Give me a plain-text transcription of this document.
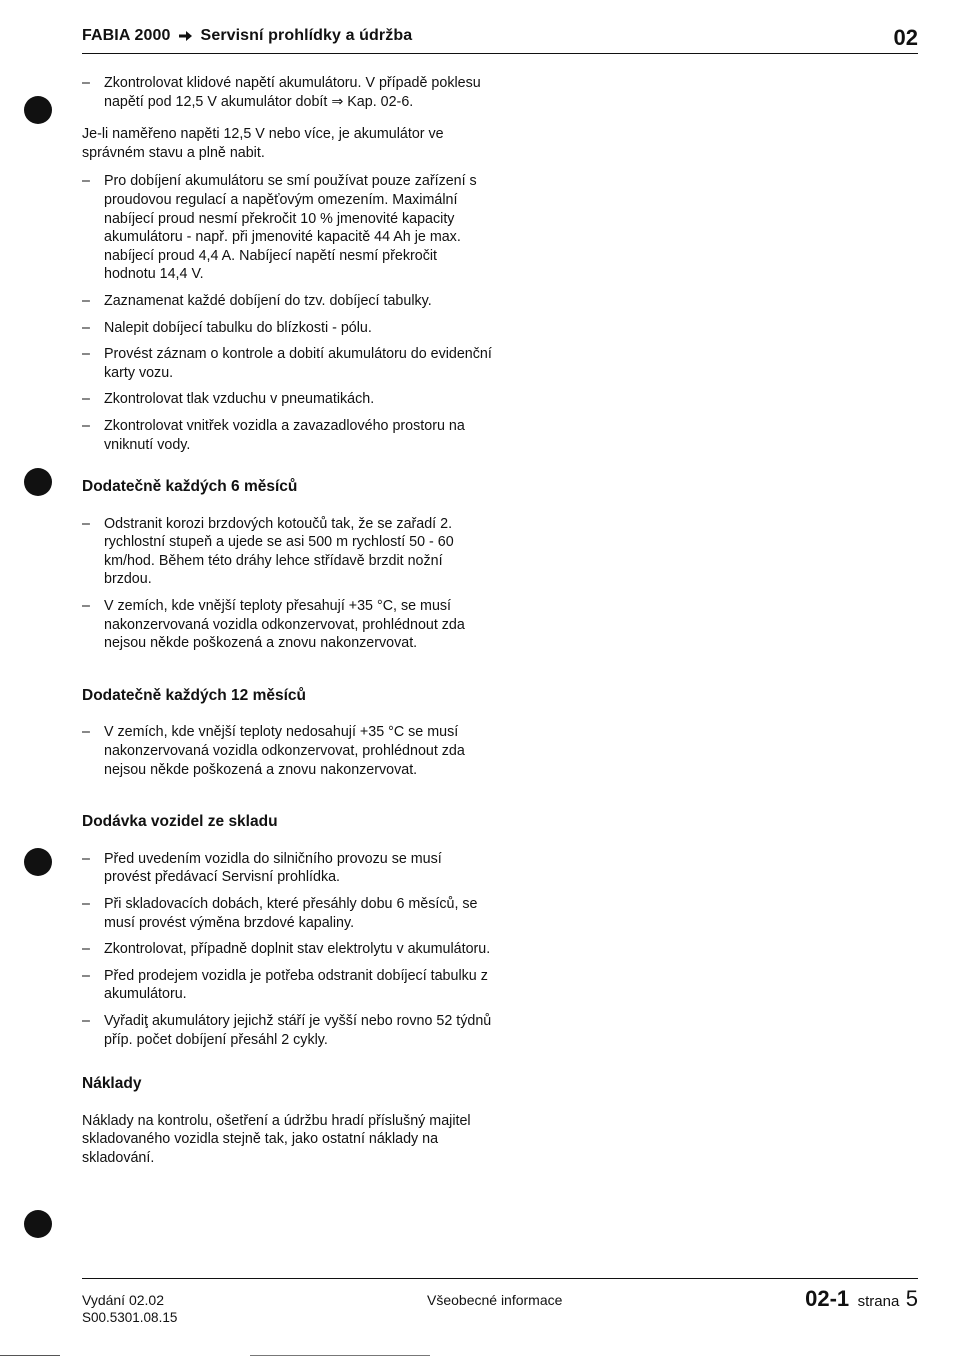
FABIA 2000 Servisní prohlídky a údržba	02
– Zkontrolovat klidové napětí akumulátoru. V případě poklesu napětí pod 12,5 V akumulátor dobít ⇒ Kap. 02-6.
Je-li naměřeno napěti 12,5 V nebo více, je akumulátor ve správném stavu a plně nabit.
– Pro dobíjení akumulátoru se smí používat pouze zařízení s proudovou regulací a napěťovým omezením. Maximální nabíjecí proud nesmí překročit 10 % jmenovité kapacity akumulátoru - např. při jmenovité kapacitě 44 Ah je max. nabíjecí proud 4,4 A. Nabíjecí napětí nesmí překročit hodnotu 14,4 V.
– Zaznamenat každé dobíjení do tzv. dobíjecí tabulky.
– Nalepit dobíjecí tabulku do blízkosti - pólu.
– Provést záznam o kontrole a dobití akumulátoru do evidenční karty vozu.
– Zkontrolovat tlak vzduchu v pneumatikách.
– Zkontrolovat vnitřek vozidla a zavazadlového prostoru na vniknutí vody.
Dodatečně každých 6 měsíců
– Odstranit korozi brzdových kotoučů tak, že se zařadí 2. rychlostní stupeň a ujede se asi 500 m rychlostí 50 - 60 km/hod. Během této dráhy lehce střídavě brzdit nožní brzdou.
– V zemích, kde vnější teploty přesahují +35 °C, se musí nakonzervovaná vozidla odkonzervovat, prohlédnout zda nejsou někde poškozená a znovu nakonzervovat.
Dodatečně každých 12 měsíců
– V zemích, kde vnější teploty nedosahují +35 °C se musí nakonzervovaná vozidla odkonzervovat, prohlédnout zda nejsou někde poškozená a znovu nakonzervovat.
Dodávka vozidel ze skladu
– Před uvedením vozidla do silničního provozu se musí provést předávací Servisní prohlídka.
– Při skladovacích dobách, které přesáhly dobu 6 měsíců, se musí provést výměna brzdové kapaliny.
– Zkontrolovat, případně doplnit stav elektrolytu v akumulátoru.
– Před prodejem vozidla je potřeba odstranit dobíjecí tabulku z akumulátoru.
– Vyřadiţ akumulátory jejichž stáří je vyšší nebo rovno 52 týdnů příp. počet dobíjení přesáhl 2 cykly.
Náklady
Náklady na kontrolu, ošetření a údržbu hradí příslušný majitel skladovaného vozidla stejně tak, jako ostatní náklady na skladování.
Vydání 02.02
S00.5301.08.15
Všeobecné informace	02-1 strana 5
